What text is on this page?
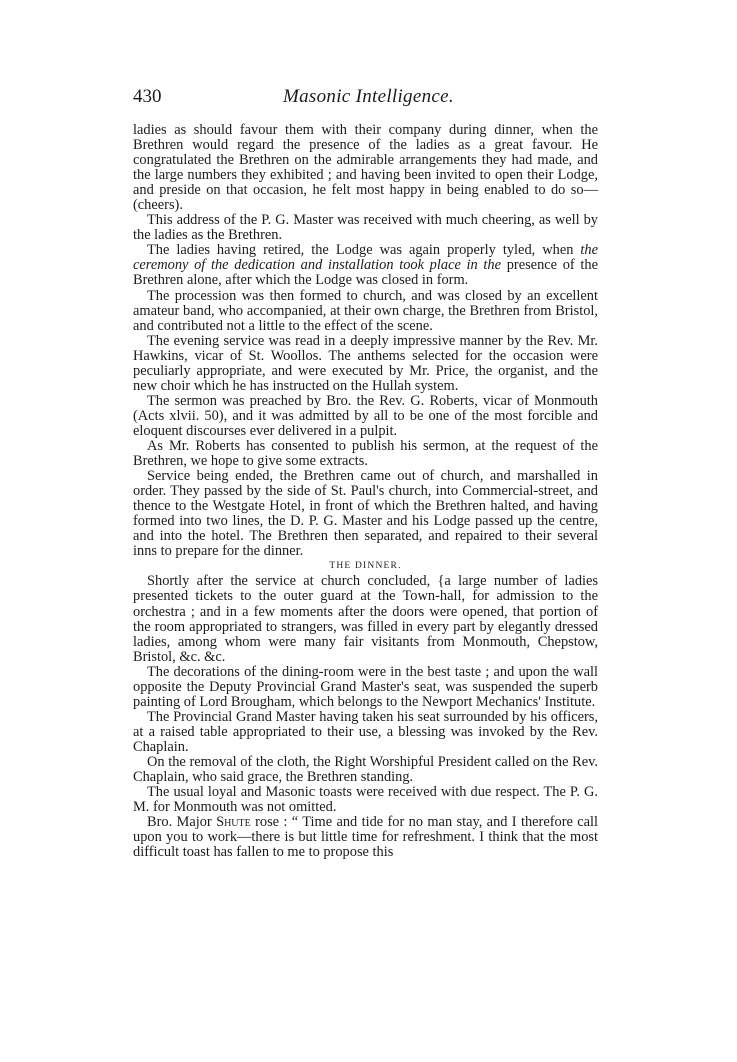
430	Masonic Intelligence.

ladies as should favour them with their company during dinner, when the Brethren would regard the presence of the ladies as a great favour. He congratulated the Brethren on the admirable arrangements they had made, and the large numbers they exhibited ; and having been invited to open their Lodge, and preside on that occasion, he felt most happy in being enabled to do so—(cheers).

This address of the P. G. Master was received with much cheering, as well by the ladies as the Brethren.

The ladies having retired, the Lodge was again properly tyled, when the ceremony of the dedication and installation took place in the presence of the Brethren alone, after which the Lodge was closed in form.

The procession was then formed to church, and was closed by an excellent amateur band, who accompanied, at their own charge, the Brethren from Bristol, and contributed not a little to the effect of the scene.

The evening service was read in a deeply impressive manner by the Rev. Mr. Hawkins, vicar of St. Woollos. The anthems selected for the occasion were peculiarly appropriate, and were executed by Mr. Price, the organist, and the new choir which he has instructed on the Hullah system.

The sermon was preached by Bro. the Rev. G. Roberts, vicar of Monmouth (Acts xlvii. 50), and it was admitted by all to be one of the most forcible and eloquent discourses ever delivered in a pulpit.

As Mr. Roberts has consented to publish his sermon, at the request of the Brethren, we hope to give some extracts.

Service being ended, the Brethren came out of church, and marshalled in order. They passed by the side of St. Paul's church, into Commercial-street, and thence to the Westgate Hotel, in front of which the Brethren halted, and having formed into two lines, the D. P. G. Master and his Lodge passed up the centre, and into the hotel. The Brethren then separated, and repaired to their several inns to prepare for the dinner.

THE DINNER.

Shortly after the service at church concluded, {a large number of ladies presented tickets to the outer guard at the Town-hall, for admission to the orchestra ; and in a few moments after the doors were opened, that portion of the room appropriated to strangers, was filled in every part by elegantly dressed ladies, among whom were many fair visitants from Monmouth, Chepstow, Bristol, &c. &c.

The decorations of the dining-room were in the best taste ; and upon the wall opposite the Deputy Provincial Grand Master's seat, was suspended the superb painting of Lord Brougham, which belongs to the Newport Mechanics' Institute.

The Provincial Grand Master having taken his seat surrounded by his officers, at a raised table appropriated to their use, a blessing was invoked by the Rev. Chaplain.

On the removal of the cloth, the Right Worshipful President called on the Rev. Chaplain, who said grace, the Brethren standing.

The usual loyal and Masonic toasts were received with due respect. The P. G. M. for Monmouth was not omitted.

Bro. Major Shute rose : “ Time and tide for no man stay, and I therefore call upon you to work—there is but little time for refreshment. I think that the most difficult toast has fallen to me to propose this
